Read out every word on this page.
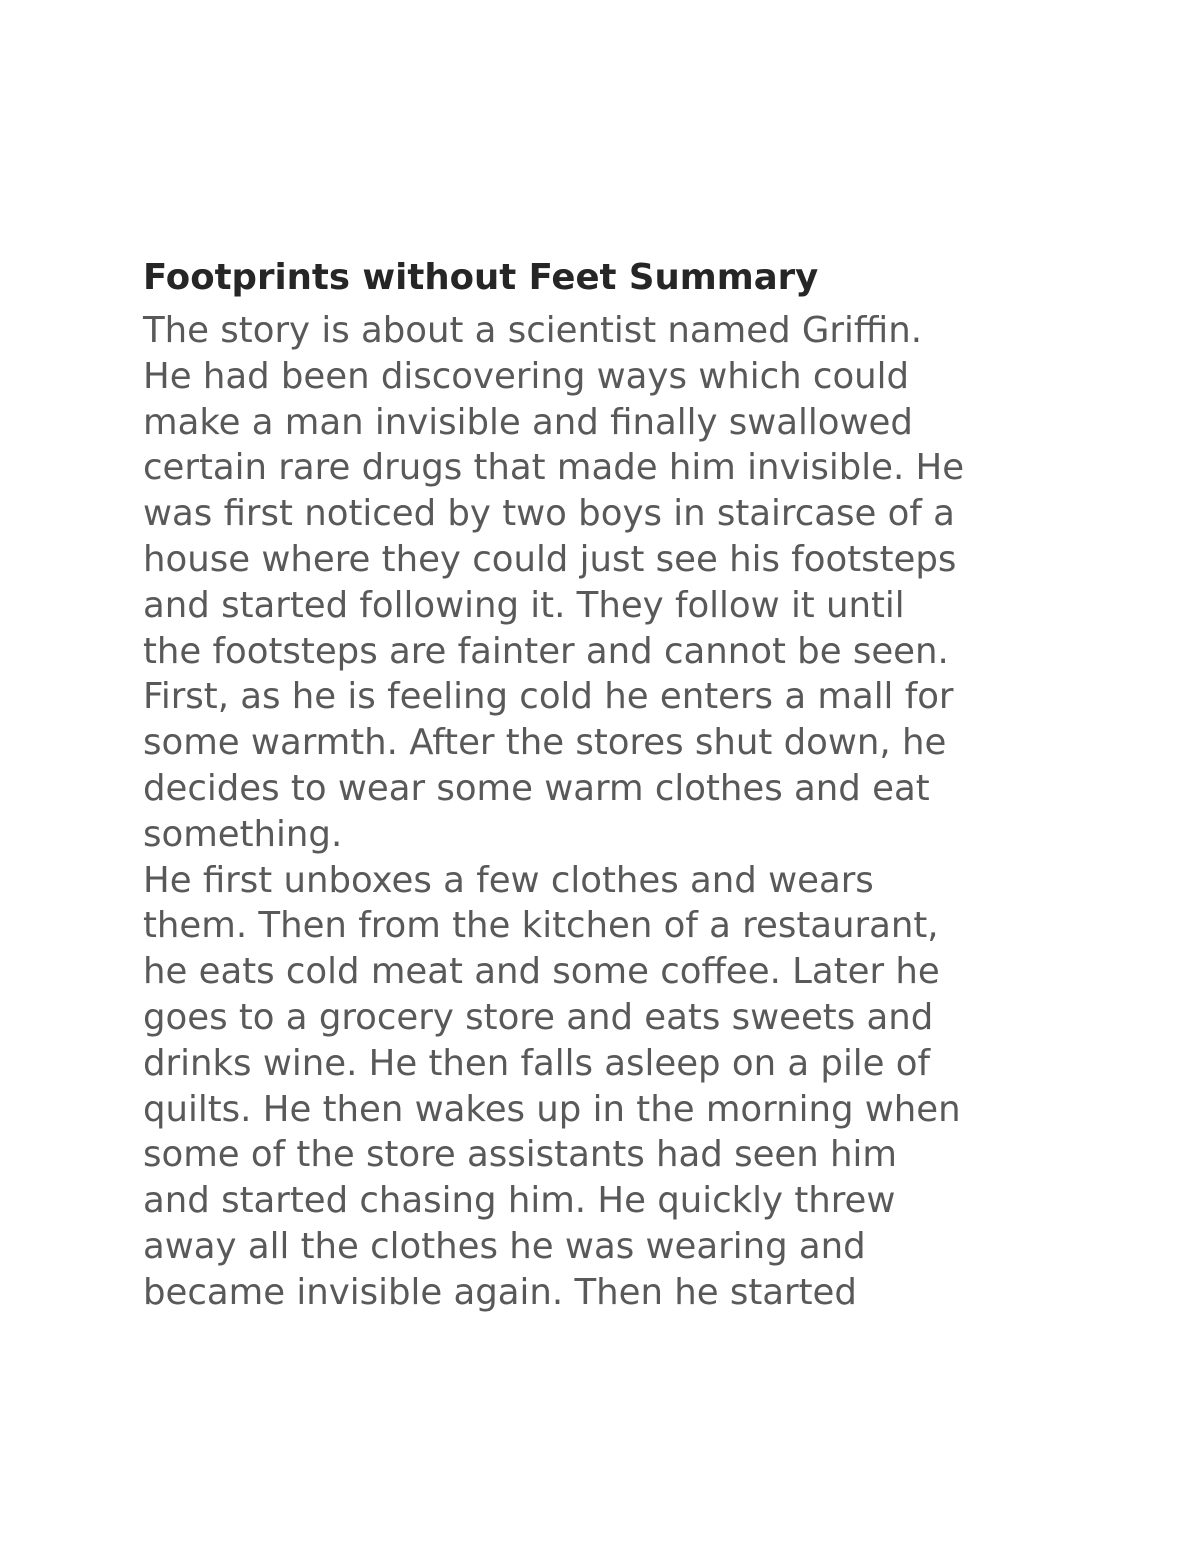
Footprints without Feet Summary
The story is about a scientist named Griffin.
He had been discovering ways which could
make a man invisible and finally swallowed
certain rare drugs that made him invisible. He
was first noticed by two boys in staircase of a
house where they could just see his footsteps
and started following it. They follow it until
the footsteps are fainter and cannot be seen.
First, as he is feeling cold he enters a mall for
some warmth. After the stores shut down, he
decides to wear some warm clothes and eat
something.
He first unboxes a few clothes and wears
them. Then from the kitchen of a restaurant,
he eats cold meat and some coffee. Later he
goes to a grocery store and eats sweets and
drinks wine. He then falls asleep on a pile of
quilts. He then wakes up in the morning when
some of the store assistants had seen him
and started chasing him. He quickly threw
away all the clothes he was wearing and
became invisible again. Then he started
